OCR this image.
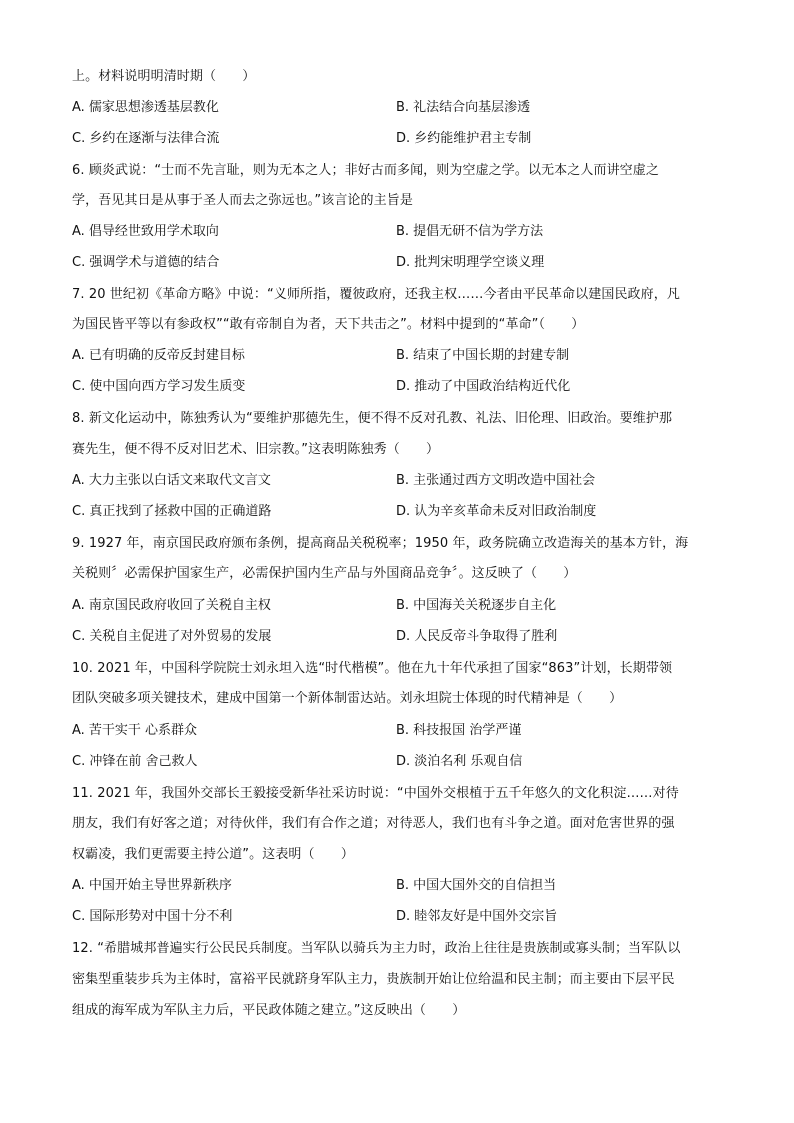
上。材料说明明清时期（　　）
A. 儒家思想渗透基层教化	B. 礼法结合向基层渗透
C. 乡约在逐渐与法律合流	D. 乡约能维护君主专制
6. 顾炎武说：“士而不先言耻，则为无本之人；非好古而多闻，则为空虚之学。以无本之人而讲空虚之
学，吾见其日是从事于圣人而去之弥远也。”该言论的主旨是
A. 倡导经世致用学术取向	B. 提倡无研不信为学方法
C. 强调学术与道德的结合	D. 批判宋明理学空谈义理
7. 20 世纪初《革命方略》中说：“义师所指，覆彼政府，还我主权……今者由平民革命以建国民政府，凡
为国民皆平等以有参政权”“敢有帝制自为者，天下共击之”。材料中提到的“革命”（　　）
A. 已有明确的反帝反封建目标	B. 结束了中国长期的封建专制
C. 使中国向西方学习发生质变	D. 推动了中国政治结构近代化
8. 新文化运动中，陈独秀认为“要维护那德先生，便不得不反对孔教、礼法、旧伦理、旧政治。要维护那
赛先生，便不得不反对旧艺术、旧宗教。”这表明陈独秀（　　）
A. 大力主张以白话文来取代文言文	B. 主张通过西方文明改造中国社会
C. 真正找到了拯救中国的正确道路	D. 认为辛亥革命未反对旧政治制度
9. 1927 年，南京国民政府颁布条例，提高商品关税税率；1950 年，政务院确立改造海关的基本方针，海
关税则〞必需保护国家生产，必需保护国内生产品与外国商品竞争〞。这反映了（　　）
A. 南京国民政府收回了关税自主权	B. 中国海关关税逐步自主化
C. 关税自主促进了对外贸易的发展	D. 人民反帝斗争取得了胜利
10. 2021 年，中国科学院院士刘永坦入选“时代楷模”。他在九十年代承担了国家“863”计划，长期带领
团队突破多项关键技术，建成中国第一个新体制雷达站。刘永坦院士体现的时代精神是（　　）
A. 苦干实干 心系群众	B. 科技报国 治学严谨
C. 冲锋在前 舍己救人	D. 淡泊名利 乐观自信
11. 2021 年，我国外交部长王毅接受新华社采访时说：“中国外交根植于五千年悠久的文化积淀……对待
朋友，我们有好客之道；对待伙伴，我们有合作之道；对待恶人，我们也有斗争之道。面对危害世界的强
权霸凌，我们更需要主持公道”。这表明（　　）
A. 中国开始主导世界新秩序	B. 中国大国外交的自信担当
C. 国际形势对中国十分不利	D. 睦邻友好是中国外交宗旨
12. “希腊城邦普遍实行公民民兵制度。当军队以骑兵为主力时，政治上往往是贵族制或寡头制；当军队以
密集型重装步兵为主体时，富裕平民就跻身军队主力，贵族制开始让位给温和民主制；而主要由下层平民
组成的海军成为军队主力后，平民政体随之建立。”这反映出（　　）
